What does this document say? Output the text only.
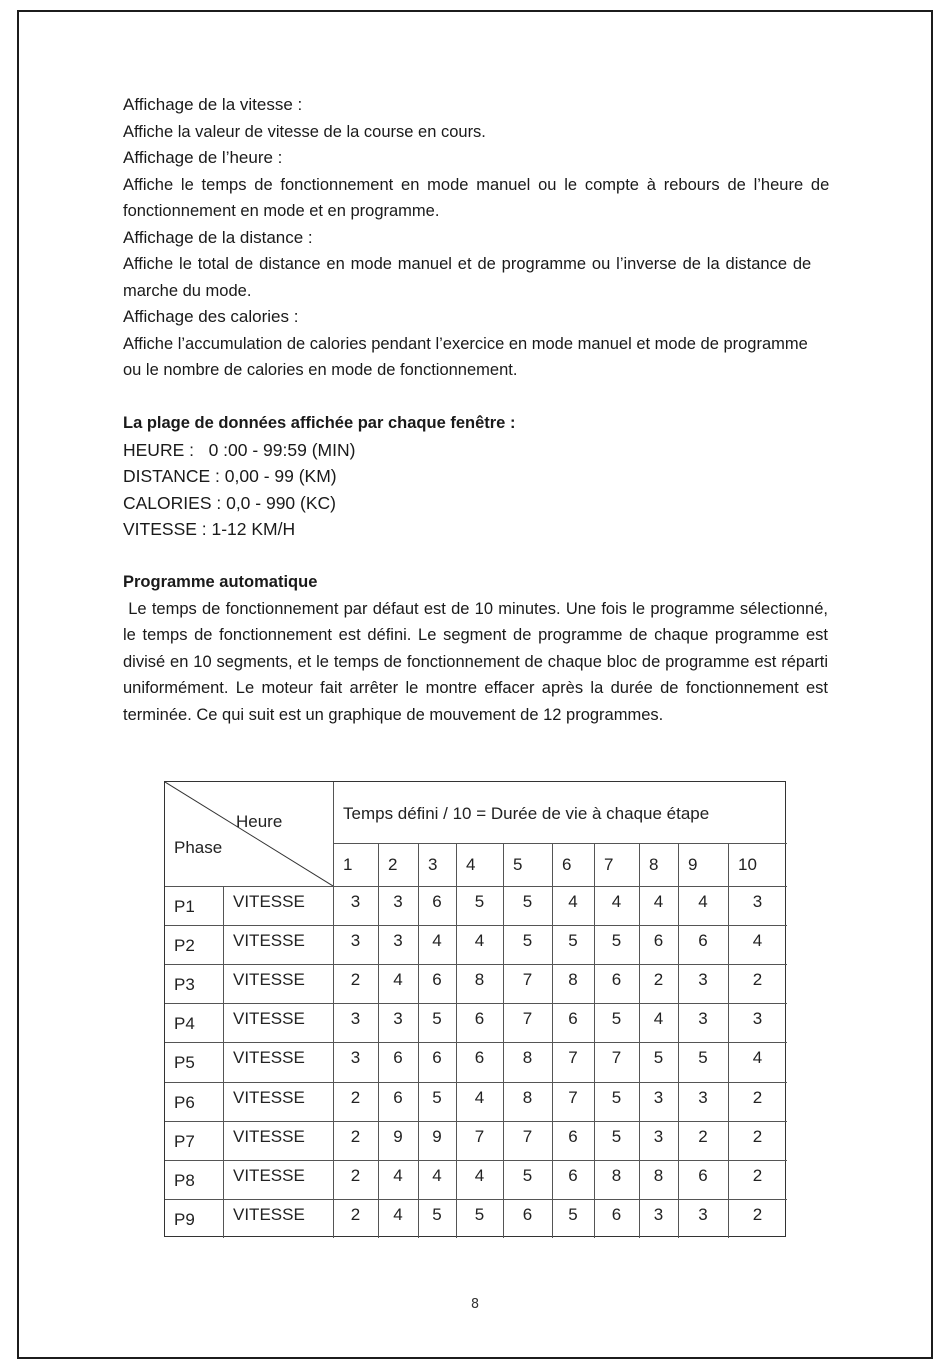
Affichage de la vitesse :
Affiche la valeur de vitesse de la course en cours.
Affichage de l’heure :
Affiche le temps de fonctionnement en mode manuel ou le compte à rebours de l’heure de
fonctionnement en mode et en programme.
Affichage de la distance :
Affiche le total de distance en mode manuel et de programme ou l’inverse de la distance de
marche du mode.
Affichage des calories :
Affiche l’accumulation de calories pendant l’exercice en mode manuel et mode de programme
ou le nombre de calories en mode de fonctionnement.
La plage de données affichée par chaque fenêtre :
HEURE :   0 :00 - 99:59 (MIN)
DISTANCE : 0,00 - 99 (KM)
CALORIES : 0,0 - 990 (KC)
VITESSE : 1-12 KM/H
Programme automatique
Le temps de fonctionnement par défaut est de 10 minutes. Une fois le programme sélectionné, le temps de fonctionnement est défini. Le segment de programme de chaque programme est divisé en 10 segments, et le temps de fonctionnement de chaque bloc de programme est réparti uniformément. Le moteur fait arrêter le montre effacer après la durée de fonctionnement est terminée. Ce qui suit est un graphique de mouvement de 12 programmes.
Heure
Phase
Temps défini / 10 = Durée de vie à chaque étape
1 2 3 4 5 6 7 8 9 10
P1 VITESSE	3	3	6	5	5	4	4	4	4	3
P2 VITESSE	3	3	4	4	5	5	5	6	6	4
P3 VITESSE	2	4	6	8	7	8	6	2	3	2
P4 VITESSE	3	3	5	6	7	6	5	4	3	3
P5 VITESSE	3	6	6	6	8	7	7	5	5	4
P6 VITESSE	2	6	5	4	8	7	5	3	3	2
P7 VITESSE	2	9	9	7	7	6	5	3	2	2
P8 VITESSE	2	4	4	4	5	6	8	8	6	2
P9 VITESSE	2	4	5	5	6	5	6	3	3	2
8
